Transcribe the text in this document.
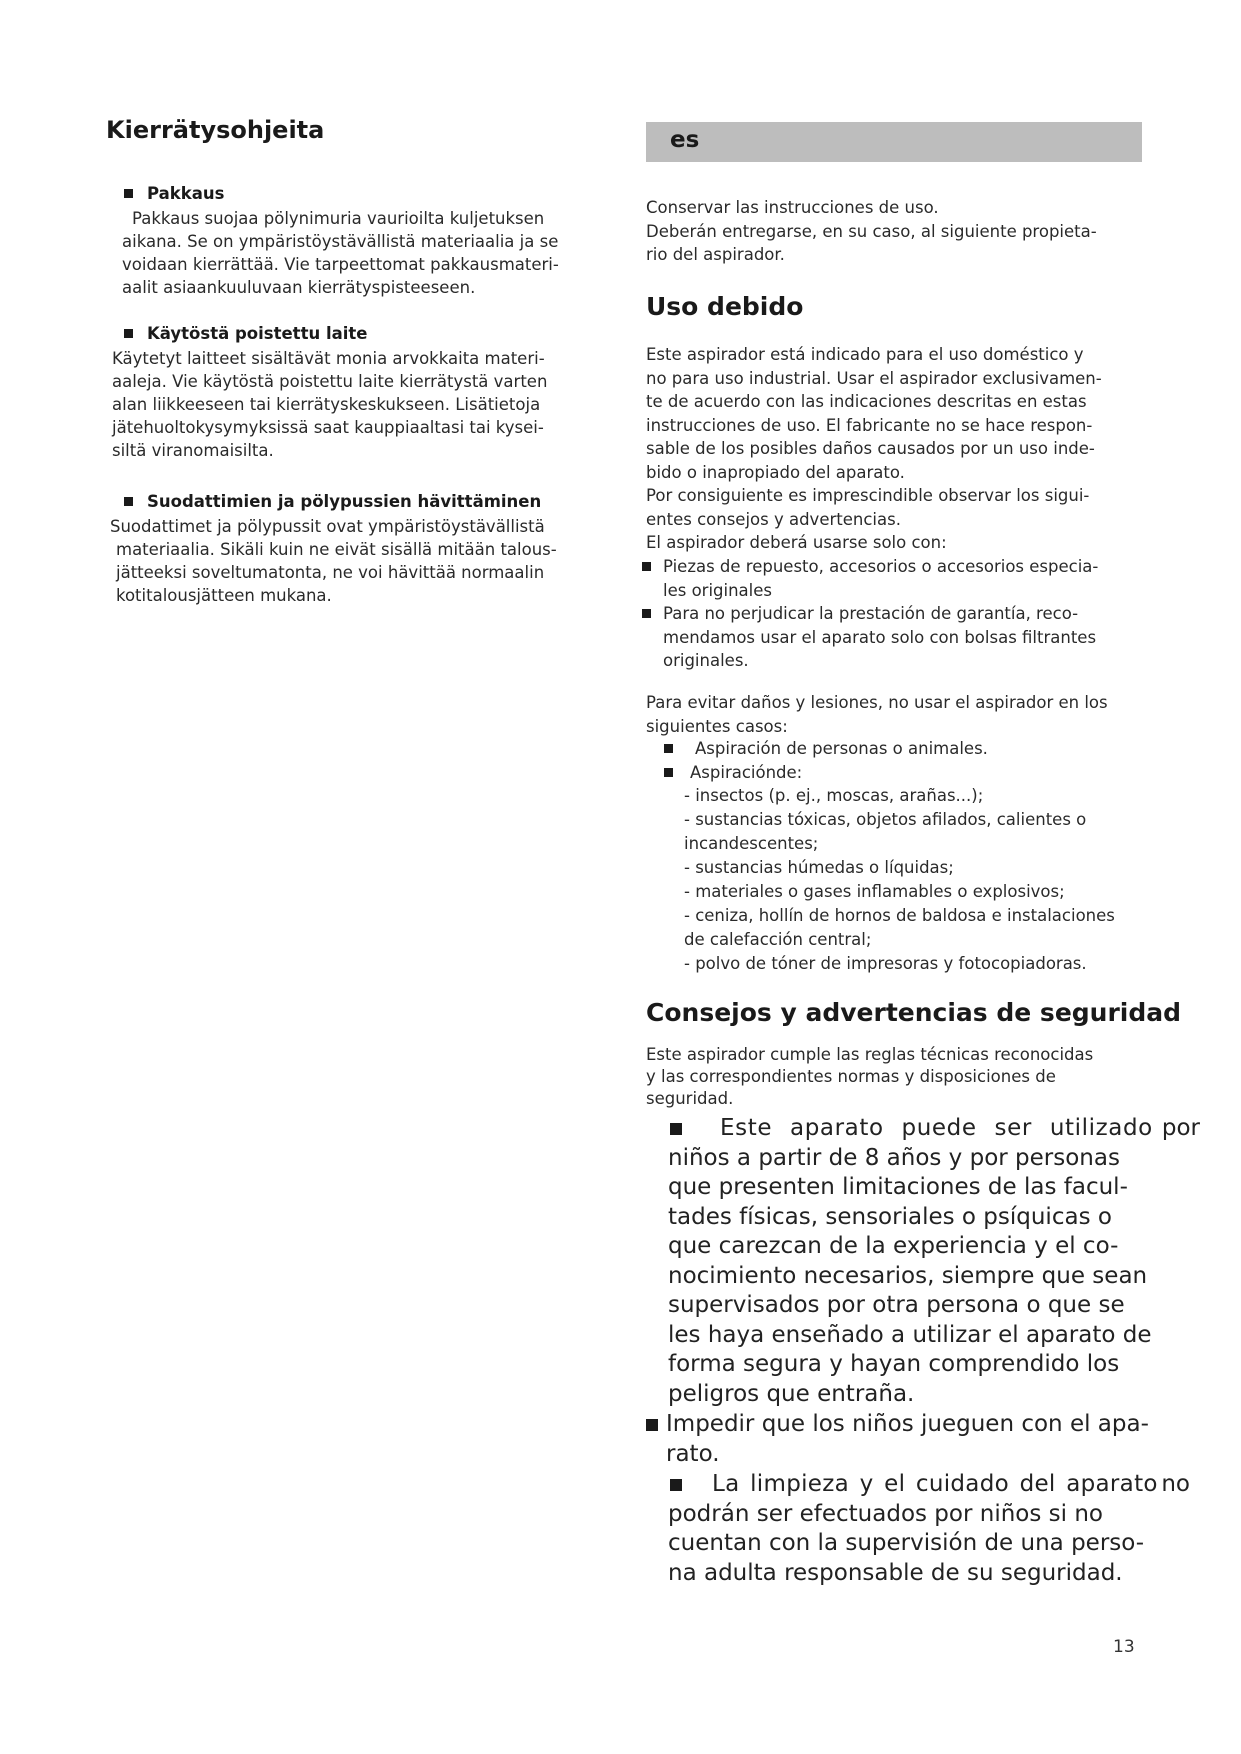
Kierrätysohjeita
Pakkaus

Pakkaus suojaa pölynimuria vaurioilta kuljetuksen
aikana. Se on ympäristöystävällistä materiaalia ja se
voidaan kierrättää. Vie tarpeettomat pakkausmateri-
aalit asiaankuuluvaan kierrätyspisteeseen.

Käytöstä poistettu laite

Käytetyt laitteet sisältävät monia arvokkaita materi-
aaleja. Vie käytöstä poistettu laite kierrätystä varten
alan liikkeeseen tai kierrätyskeskukseen. Lisätietoja
jätehuoltokysymyksissä saat kauppiaaltasi tai kysei-
siltä viranomaisilta.

Suodattimien ja pölypussien hävittäminen

Suodattimet ja pölypussit ovat ympäristöystävällistä
materiaalia. Sikäli kuin ne eivät sisällä mitään talous-
jätteeksi soveltumatonta, ne voi hävittää normaalin
kotitalousjätteen mukana.

es

Conservar las instrucciones de uso.
Deberán entregarse, en su caso, al siguiente propieta-
rio del aspirador.

Uso debido

Este aspirador está indicado para el uso doméstico y
no para uso industrial. Usar el aspirador exclusivamen-
te de acuerdo con las indicaciones descritas en estas
instrucciones de uso. El fabricante no se hace respon-
sable de los posibles daños causados por un uso inde-
bido o inapropiado del aparato.
Por consiguiente es imprescindible observar los sigui-
entes consejos y advertencias.
El aspirador deberá usarse solo con:

Piezas de repuesto, accesorios o accesorios especia-
les originales

Para no perjudicar la prestación de garantía, reco-
mendamos usar el aparato solo con bolsas filtrantes
originales.

Para evitar daños y lesiones, no usar el aspirador en los
siguientes casos:

Aspiración de personas o animales.

Aspiraciónde:

- insectos (p. ej., moscas, arañas...);
- sustancias tóxicas, objetos afilados, calientes o
incandescentes;
- sustancias húmedas o líquidas;
- materiales o gases inflamables o explosivos;
- ceniza, hollín de hornos de baldosa e instalaciones
de calefacción central;
- polvo de tóner de impresoras y fotocopiadoras.

Consejos y advertencias de seguridad

Este aspirador cumple las reglas técnicas reconocidas
y las correspondientes normas y disposiciones de
seguridad.

Este aparato puede ser utilizado por

niños a partir de 8 años y por personas
que presenten limitaciones de las facul-
tades físicas, sensoriales o psíquicas o
que carezcan de la experiencia y el co-
nocimiento necesarios, siempre que sean
supervisados por otra persona o que se
les haya enseñado a utilizar el aparato de
forma segura y hayan comprendido los
peligros que entraña.

Impedir que los niños jueguen con el apa-
rato.

La limpieza y el cuidado del aparato no

podrán ser efectuados por niños si no
cuentan con la supervisión de una perso-
na adulta responsable de su seguridad.

13
